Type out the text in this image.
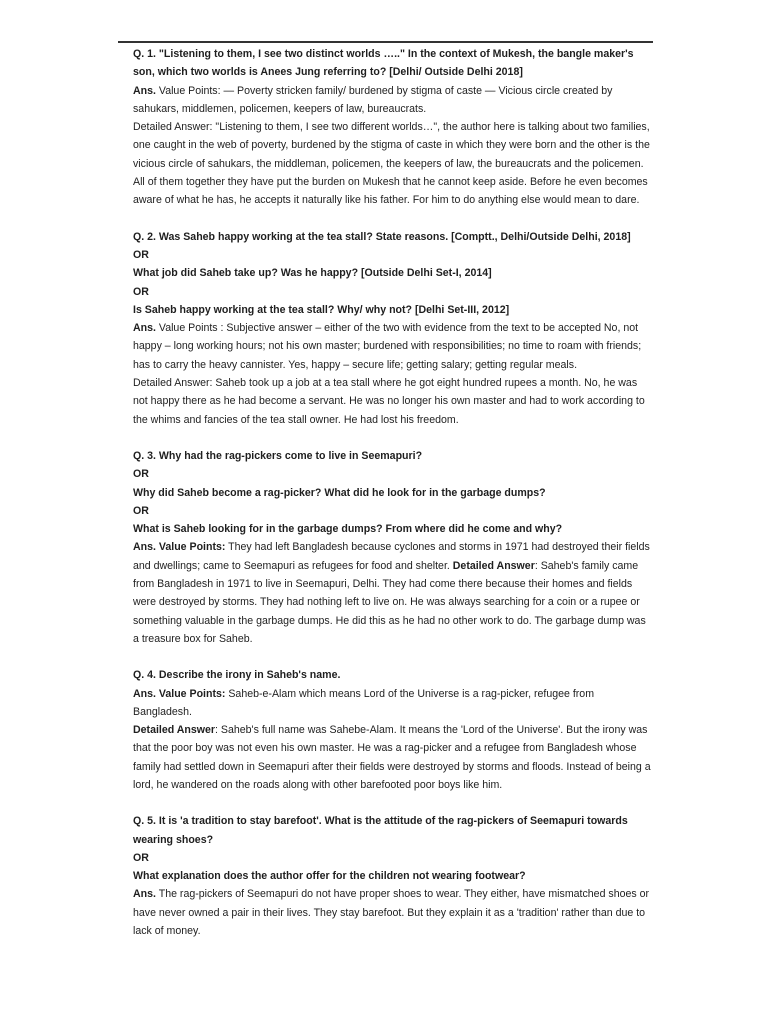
Q. 1. "Listening to them, I see two distinct worlds ….." In the context of Mukesh, the bangle maker's son, which two worlds is Anees Jung referring to? [Delhi/ Outside Delhi 2018]

Ans. Value Points: — Poverty stricken family/ burdened by stigma of caste — Vicious circle created by sahukars, middlemen, policemen, keepers of law, bureaucrats.

Detailed Answer: "Listening to them, I see two different worlds…", the author here is talking about two families, one caught in the web of poverty, burdened by the stigma of caste in which they were born and the other is the vicious circle of sahukars, the middleman, policemen, the keepers of law, the bureaucrats and the policemen. All of them together they have put the burden on Mukesh that he cannot keep aside. Before he even becomes aware of what he has, he accepts it naturally like his father. For him to do anything else would mean to dare.

Q. 2. Was Saheb happy working at the tea stall? State reasons. [Comptt., Delhi/Outside Delhi, 2018]

OR

What job did Saheb take up? Was he happy? [Outside Delhi Set-I, 2014]

OR

Is Saheb happy working at the tea stall? Why/ why not? [Delhi Set-III, 2012]

Ans. Value Points : Subjective answer – either of the two with evidence from the text to be accepted No, not happy – long working hours; not his own master; burdened with responsibilities; no time to roam with friends; has to carry the heavy cannister. Yes, happy – secure life; getting salary; getting regular meals.

Detailed Answer: Saheb took up a job at a tea stall where he got eight hundred rupees a month. No, he was not happy there as he had become a servant. He was no longer his own master and had to work according to the whims and fancies of the tea stall owner. He had lost his freedom.

Q. 3. Why had the rag-pickers come to live in Seemapuri?

OR

Why did Saheb become a rag-picker? What did he look for in the garbage dumps?

OR

What is Saheb looking for in the garbage dumps? From where did he come and why?

Ans. Value Points: They had left Bangladesh because cyclones and storms in 1971 had destroyed their fields and dwellings; came to Seemapuri as refugees for food and shelter. Detailed Answer: Saheb's family came from Bangladesh in 1971 to live in Seemapuri, Delhi. They had come there because their homes and fields were destroyed by storms. They had nothing left to live on. He was always searching for a coin or a rupee or something valuable in the garbage dumps. He did this as he had no other work to do. The garbage dump was a treasure box for Saheb.

Q. 4. Describe the irony in Saheb's name.

Ans. Value Points: Saheb-e-Alam which means Lord of the Universe is a rag-picker, refugee from Bangladesh.

Detailed Answer: Saheb's full name was Sahebe-Alam. It means the 'Lord of the Universe'. But the irony was that the poor boy was not even his own master. He was a rag-picker and a refugee from Bangladesh whose family had settled down in Seemapuri after their fields were destroyed by storms and floods. Instead of being a lord, he wandered on the roads along with other barefooted poor boys like him.

Q. 5. It is 'a tradition to stay barefoot'. What is the attitude of the rag-pickers of Seemapuri towards wearing shoes?

OR

What explanation does the author offer for the children not wearing footwear?

Ans. The rag-pickers of Seemapuri do not have proper shoes to wear. They either, have mismatched shoes or have never owned a pair in their lives. They stay barefoot. But they explain it as a 'tradition' rather than due to lack of money.
